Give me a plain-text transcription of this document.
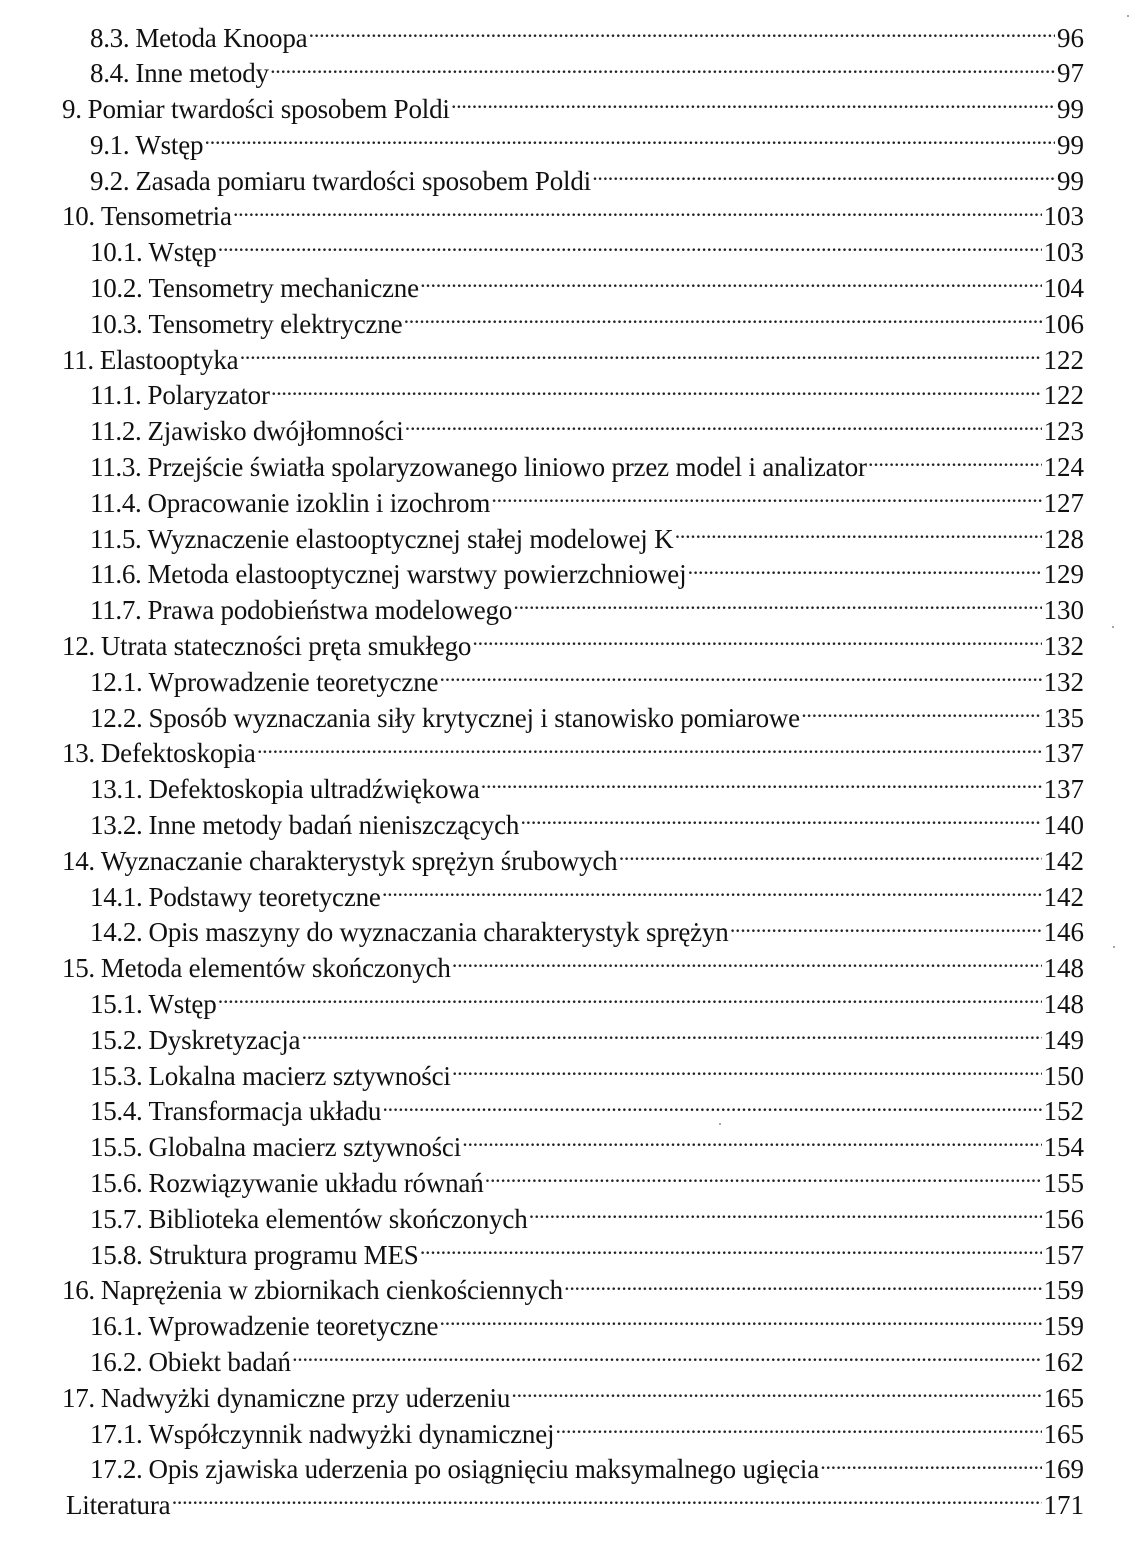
8.3. Metoda Knoopa .....	96
8.4. Inne metody .....	97
9. Pomiar twardości sposobem Poldi .....	99
9.1. Wstęp .....	99
9.2. Zasada pomiaru twardości sposobem Poldi .....	99
10. Tensometria .....	103
10.1. Wstęp .....	103
10.2. Tensometry mechaniczne .....	104
10.3. Tensometry elektryczne .....	106
11. Elastooptyka .....	122
11.1. Polaryzator .....	122
11.2. Zjawisko dwójłomności .....	123
11.3. Przejście światła spolaryzowanego liniowo przez model i analizator .....	124
11.4. Opracowanie izoklin i izochrom .....	127
11.5. Wyznaczenie elastooptycznej stałej modelowej K .....	128
11.6. Metoda elastooptycznej warstwy powierzchniowej .....	129
11.7. Prawa podobieństwa modelowego .....	130
12. Utrata stateczności pręta smukłego .....	132
12.1. Wprowadzenie teoretyczne .....	132
12.2. Sposób wyznaczania siły krytycznej i stanowisko pomiarowe .....	135
13. Defektoskopia .....	137
13.1. Defektoskopia ultradźwiękowa .....	137
13.2. Inne metody badań nieniszczących .....	140
14. Wyznaczanie charakterystyk sprężyn śrubowych .....	142
14.1. Podstawy teoretyczne .....	142
14.2. Opis maszyny do wyznaczania charakterystyk sprężyn .....	146
15. Metoda elementów skończonych .....	148
15.1. Wstęp .....	148
15.2. Dyskretyzacja .....	149
15.3. Lokalna macierz sztywności .....	150
15.4. Transformacja układu .....	152
15.5. Globalna macierz sztywności .....	154
15.6. Rozwiązywanie układu równań .....	155
15.7. Biblioteka elementów skończonych .....	156
15.8. Struktura programu MES .....	157
16. Naprężenia w zbiornikach cienkościennych .....	159
16.1. Wprowadzenie teoretyczne .....	159
16.2. Obiekt badań .....	162
17. Nadwyżki dynamiczne przy uderzeniu .....	165
17.1. Współczynnik nadwyżki dynamicznej .....	165
17.2. Opis zjawiska uderzenia po osiągnięciu maksymalnego ugięcia .....	169
Literatura .....	171
